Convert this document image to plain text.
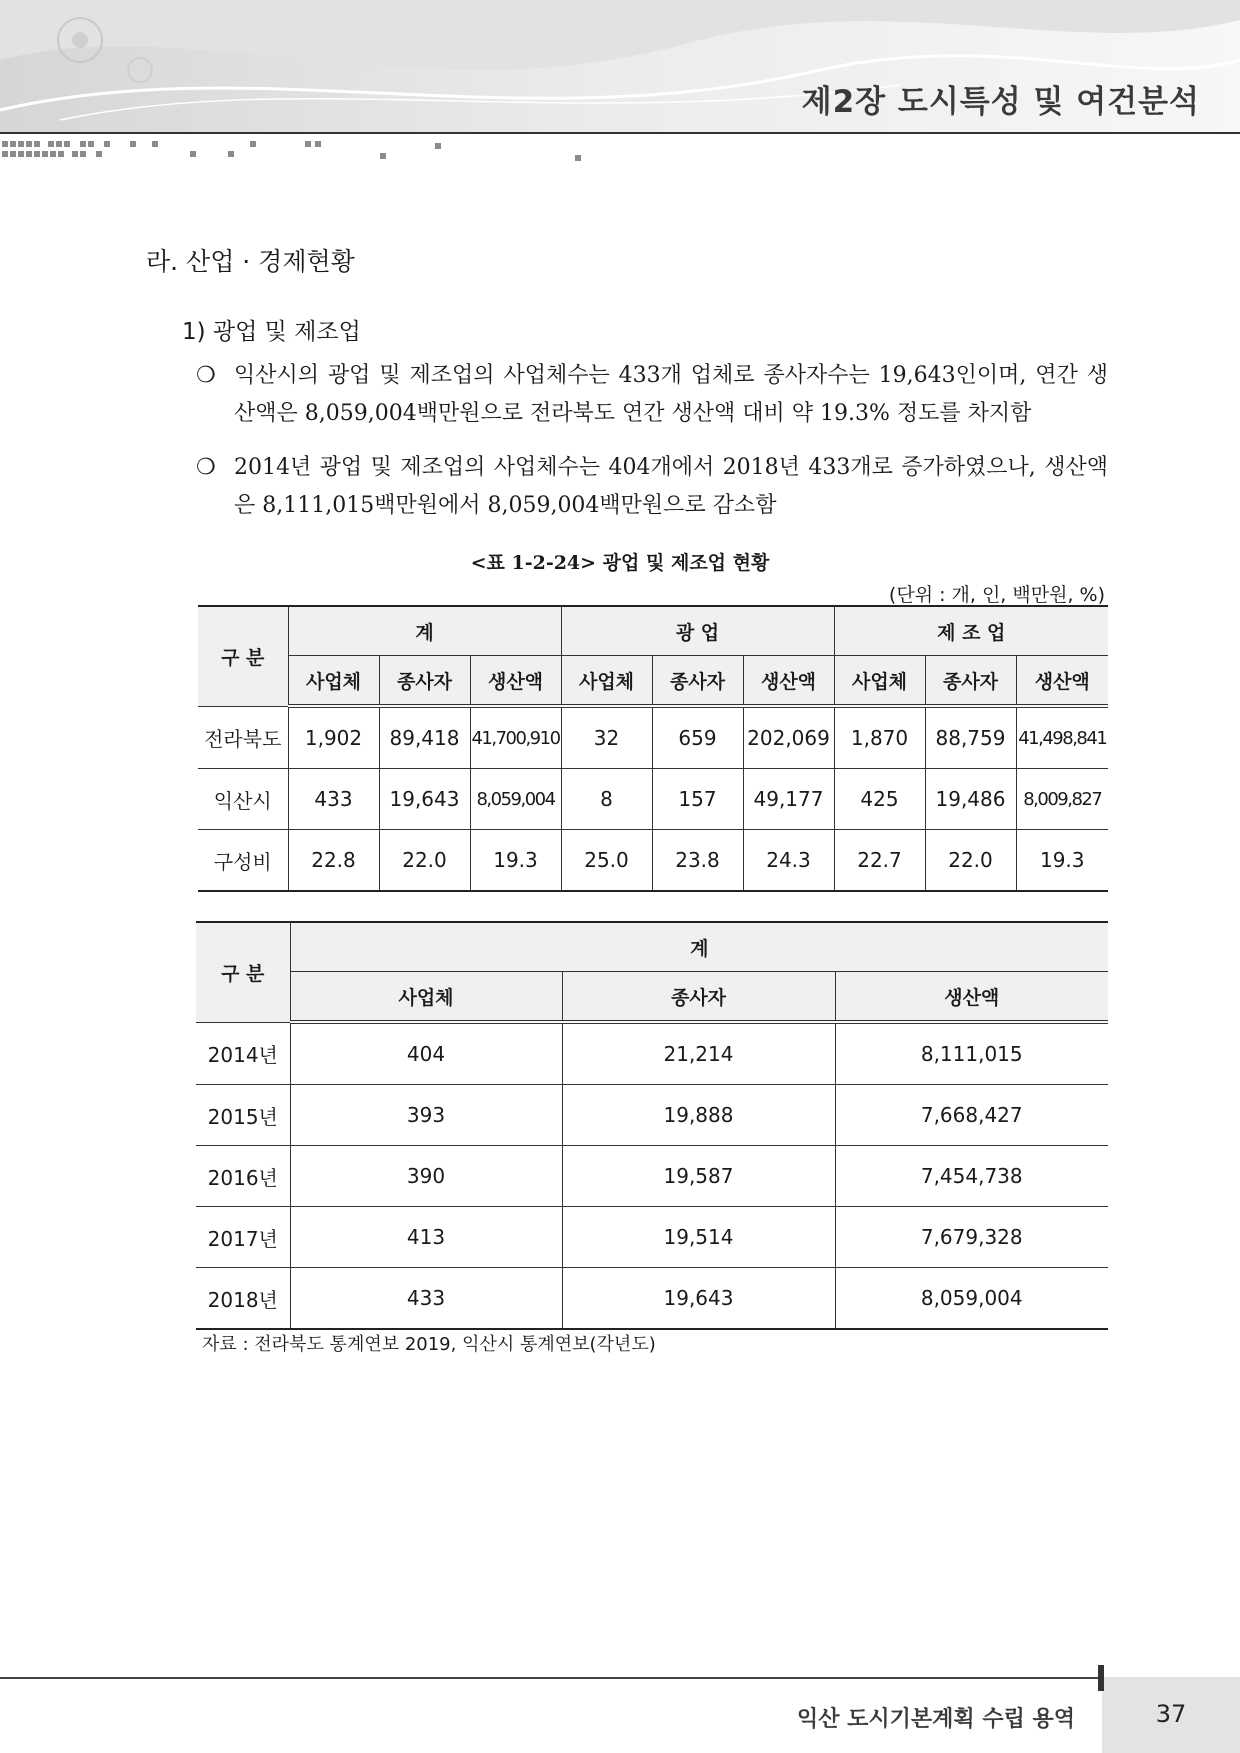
제2장 도시특성 및 여건분석
라. 산업 · 경제현황
1) 광업 및 제조업
❍ 익산시의 광업 및 제조업의 사업체수는 433개 업체로 종사자수는 19,643인이며, 연간 생산액은 8,059,004백만원으로 전라북도 연간 생산액 대비 약 19.3% 정도를 차지함
❍ 2014년 광업 및 제조업의 사업체수는 404개에서 2018년 433개로 증가하였으나, 생산액은 8,111,015백만원에서 8,059,004백만원으로 감소함
<표 1-2-24> 광업 및 제조업 현황
(단위 : 개, 인, 백만원, %)
구 분	계			광 업			제 조 업		
	사업체	종사자	생산액	사업체	종사자	생산액	사업체	종사자	생산액
전라북도	1,902	89,418	41,700,910	32	659	202,069	1,870	88,759	41,498,841
익산시	433	19,643	8,059,004	8	157	49,177	425	19,486	8,009,827
구성비	22.8	22.0	19.3	25.0	23.8	24.3	22.7	22.0	19.3
구 분	계		
	사업체	종사자	생산액
2014년	404	21,214	8,111,015
2015년	393	19,888	7,668,427
2016년	390	19,587	7,454,738
2017년	413	19,514	7,679,328
2018년	433	19,643	8,059,004
자료 : 전라북도 통계연보 2019, 익산시 통계연보(각년도)
익산 도시기본계획 수립 용역	37
